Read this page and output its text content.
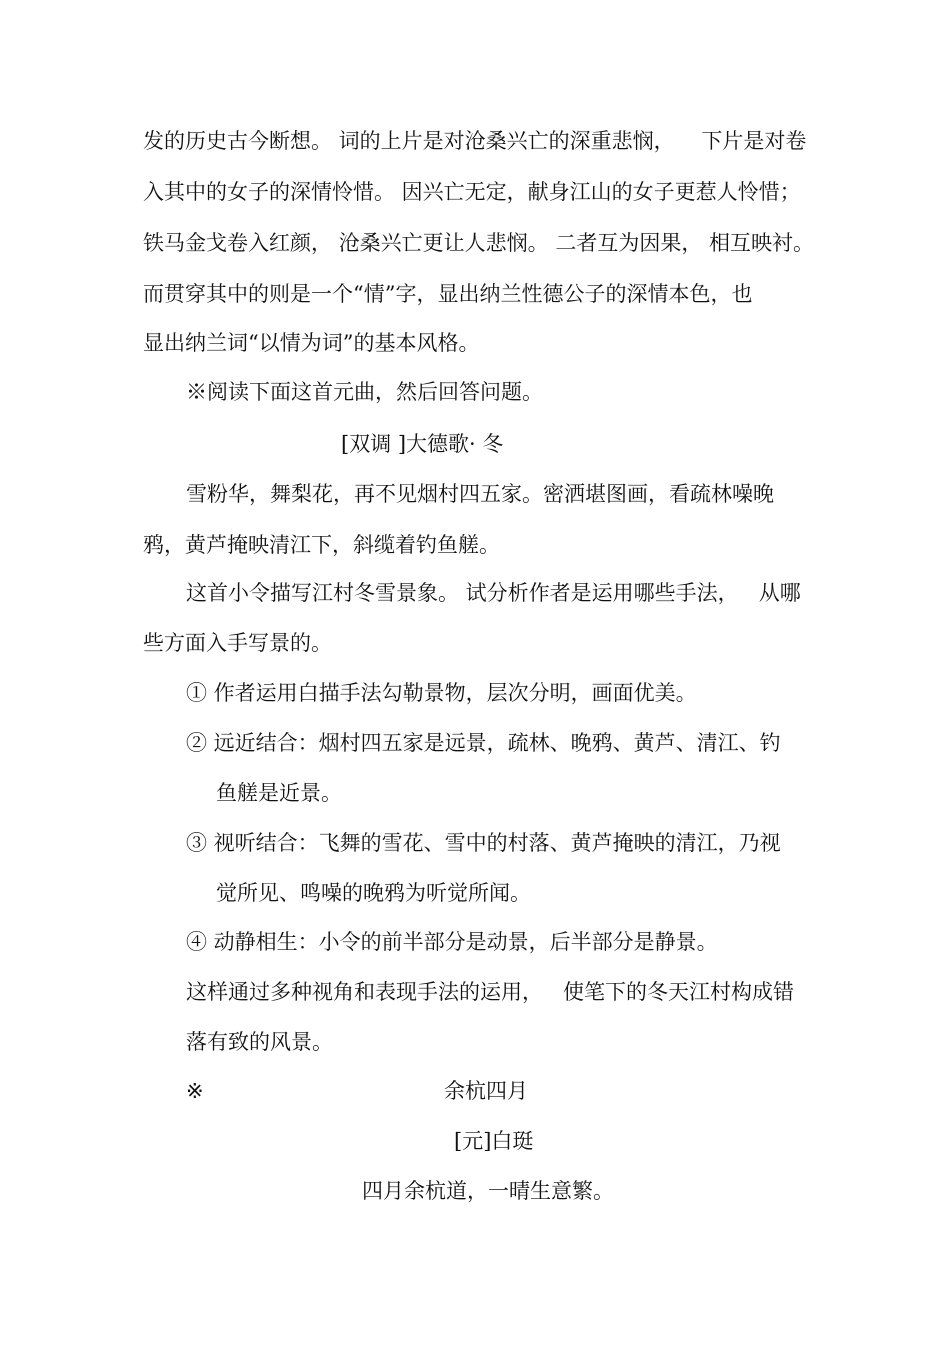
发的历史古今断想。 词的上片是对沧桑兴亡的深重悲悯，    下片是对卷
入其中的女子的深情怜惜。 因兴亡无定，献身江山的女子更惹人怜惜；
铁马金戈卷入红颜， 沧桑兴亡更让人悲悯。 二者互为因果， 相互映衬。
而贯穿其中的则是一个“情”字，显出纳兰性德公子的深情本色，也
显出纳兰词“以情为词”的基本风格。
※阅读下面这首元曲，然后回答问题。
[双调 ]大德歌· 冬
雪粉华，舞梨花，再不见烟村四五家。密洒堪图画，看疏林噪晚
鸦，黄芦掩映清江下，斜缆着钓鱼艖。
这首小令描写江村冬雪景象。 试分析作者是运用哪些手法，   从哪
些方面入手写景的。
① 作者运用白描手法勾勒景物，层次分明，画面优美。
② 远近结合：烟村四五家是远景，疏林、晚鸦、黄芦、清江、钓
鱼艖是近景。
③ 视听结合：飞舞的雪花、雪中的村落、黄芦掩映的清江，乃视
觉所见、鸣噪的晚鸦为听觉所闻。
④ 动静相生：小令的前半部分是动景，后半部分是静景。
这样通过多种视角和表现手法的运用，   使笔下的冬天江村构成错
落有致的风景。
※	余杭四月
[元]白珽
四月余杭道，一晴生意繁。
